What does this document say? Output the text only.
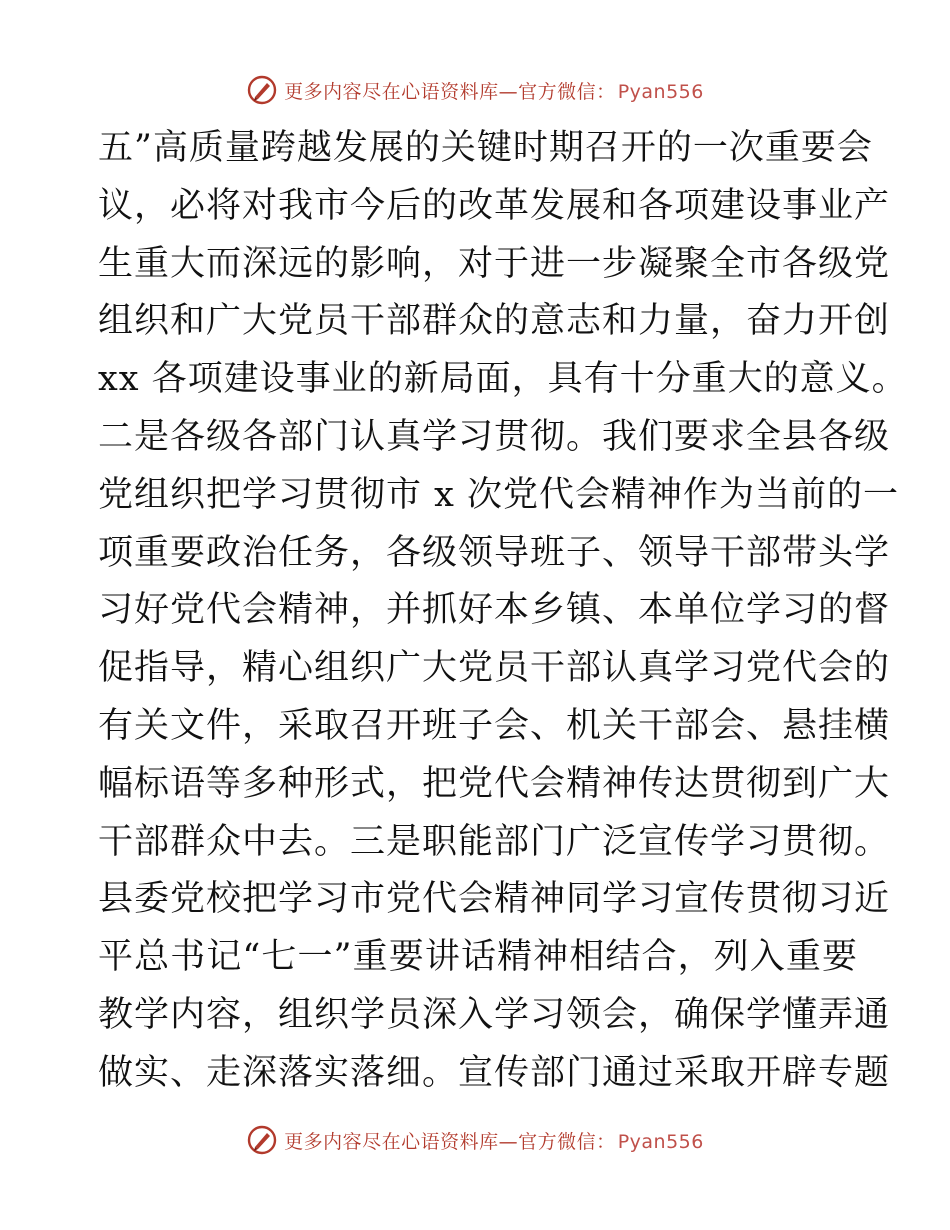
更多内容尽在心语资料库—官方微信： Pyan556
五”高质量跨越发展的关键时期召开的一次重要会
议，必将对我市今后的改革发展和各项建设事业产
生重大而深远的影响，对于进一步凝聚全市各级党
组织和广大党员干部群众的意志和力量，奋力开创
xx 各项建设事业的新局面，具有十分重大的意义。
二是各级各部门认真学习贯彻。我们要求全县各级
党组织把学习贯彻市 x 次党代会精神作为当前的一
项重要政治任务，各级领导班子、领导干部带头学
习好党代会精神，并抓好本乡镇、本单位学习的督
促指导，精心组织广大党员干部认真学习党代会的
有关文件，采取召开班子会、机关干部会、悬挂横
幅标语等多种形式，把党代会精神传达贯彻到广大
干部群众中去。三是职能部门广泛宣传学习贯彻。
县委党校把学习市党代会精神同学习宣传贯彻习近
平总书记“七一”重要讲话精神相结合，列入重要
教学内容，组织学员深入学习领会，确保学懂弄通
做实、走深落实落细。宣传部门通过采取开辟专题
更多内容尽在心语资料库—官方微信： Pyan556
